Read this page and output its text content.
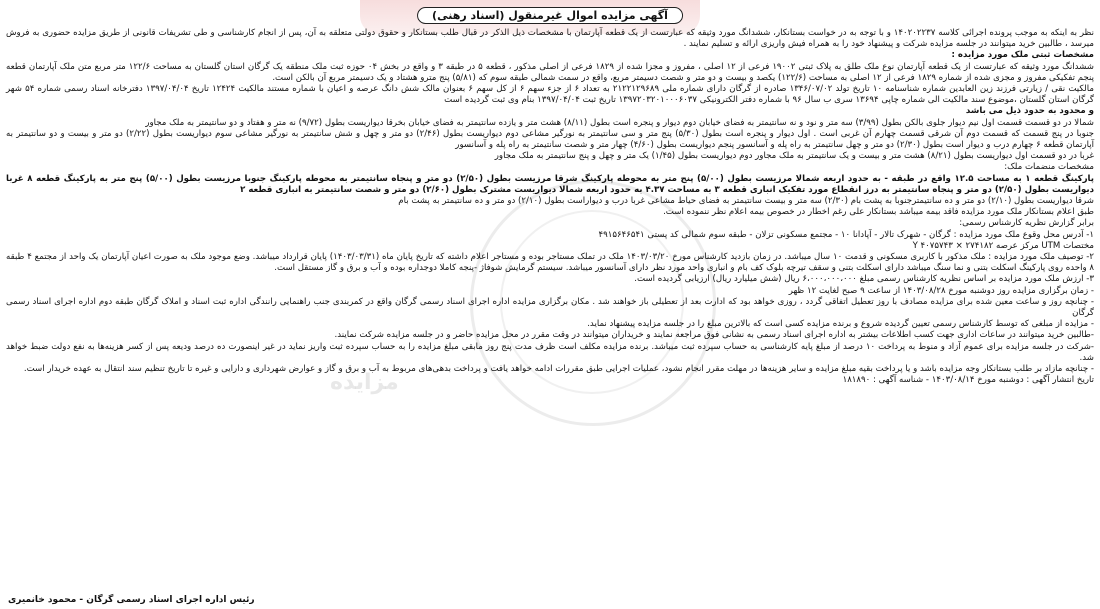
آگهی مزایده اموال غیرمنقول (اسناد رهنی)
مزایده

نظر به اینکه به موجب پرونده اجرائی کلاسه ۱۴۰۲۰۲۲۳۷ و با توجه به در خواست بستانکار، ششدانگ مورد وثیقه که عبارتست از یک قطعه آپارتمان با مشخصات ذیل الذکر در قبال طلب بستانکار و حقوق دولتی متعلقه به آن، پس از انجام کارشناسی و طی تشریفات قانونی از طریق مزایده حضوری به فروش میرسد ، طالبین خرید میتوانند در جلسه مزایده شرکت و پیشنهاد خود را به همراه فیش واریزی ارائه و تسلیم نمایند .

مشخصات ثبتی ملک مورد مزایده :

ششدانگ مورد وثیقه که عبارتست از یک قطعه آپارتمان نوع ملک طلق به پلاک ثبتی ۱۹۰۰۲ فرعی از ۱۲ اصلی ، مفروز و مجزا شده از ۱۸۲۹ فرعی از اصلی مذکور ، قطعه ۵ در طبقه ۳ و واقع در بخش ۰۴ حوزه ثبت ملک منطقه یک گرگان استان گلستان به مساحت ۱۲۲/۶ متر مربع متن ملک آپارتمان قطعه پنجم تفکیکی مفروز و مجزی شده از شماره ۱۸۲۹ فرعی از ۱۲ اصلی به مساحت (۱۲۲/۶) یکصد و بیست و دو متر و شصت دسیمتر مربع، واقع در سمت شمالی طبقه سوم که (۵/۸۱) پنج مترو هشتاد و یک دسیمتر مربع آن بالکن است.

مالکیت نقی / زیارتی فرزند زین العابدین شماره شناسنامه ۱۰ تاریخ تولد ۱۳۴۶/۰۷/۰۲ صادره از گرگان دارای شماره ملی ۲۱۲۲۱۲۹۶۸۹ به تعداد ۶ از جزء سهم ۶ از کل سهم ۶ بعنوان مالک شش دانگ عرصه و اعیان با شماره مستند مالکیت ۱۲۴۲۴ تاریخ ۱۳۹۷/۰۴/۰۴ دفترخانه اسناد رسمی شماره ۵۴ شهر گرگان استان گلستان ،موضوع سند مالکیت الی شماره چاپی ۱۳۶۹۴ سری ب سال ۹۶ با شماره دفتر الکترونیکی ۱۳۹۷۲۰۳۲۰۱۰۰۰۶۰۳۷ تاریخ ثبت ۱۳۹۷/۰۴/۰۴ بنام وی ثبت گردیده است

و محدود به حدود ذیل می باشد

شمالا در دو قسمت قسمت اول نیم دیوار جلوی بالکن بطول (۳/۹۹) سه متر و نود و نه سانتیمتر به فضای خیابان دوم دیوار و پنجره است بطول (۸/۱۱) هشت متر و یازده سانتیمتر به فضای خیابان بخرقا دیواریست بطول (۹/۷۲) نه متر و هفتاد و دو سانتیمتر به ملک مجاور

جنوبا در پنج قسمت که قسمت دوم آن شرقی قسمت چهارم آن غربی است . اول دیوار و پنجره است بطول (۵/۳۰) پنج متر و سی سانتیمتر به نورگیر مشاعی دوم دیواریست بطول (۲/۴۶) دو متر و چهل و شش سانتیمتر به نورگیر مشاعی سوم دیواریست بطول (۲/۲۲) دو متر و بیست و دو سانتیمتر به آپارتمان قطعه ۶ چهارم درب و دیوار است بطول (۲/۳۰) دو متر و چهل سانتیمتر به راه پله و آسانسور پنجم دیواریست بطول (۴/۶۰) چهار متر و شصت سانتیمتر به راه پله و آسانسور

غربا در دو قسمت اول دیواریست بطول (۸/۲۱) هشت متر و بیست و یک سانتیمتر به ملک مجاور دوم دیواریست بطول (۱/۴۵) یک متر و چهل و پنج سانتیمتر به ملک مجاور

مشخصات منضمات ملک:

پارکینگ قطعه ۱ به مساحت ۱۲.۵ واقع در طبقه - به حدود اربعه شمالا مرزیست بطول (۵/۰۰) پنج متر به محوطه پارکینگ شرقا مرزیست بطول (۲/۵۰) دو متر و پنجاه سانتیمتر به محوطه پارکینگ جنوبا مرزیست بطول (۵/۰۰) پنج متر به پارکینگ قطعه ۸ غربا دیواریست بطول (۲/۵۰) دو متر و پنجاه سانتیمتر به درز انقطاع مورد تفکیک انباری قطعه ۳ به مساحت ۴.۳۷ به حدود اربعه شمالا دیواریست مشترک بطول (۲/۶۰) دو متر و شصت سانتیمتر به انباری قطعه ۲

شرقا دیواریست بطول (۲/۱۰) دو متر و ده سانتیمترجنوبا به پشت بام (۲/۳۰) سه متر و بیست سانتیمتر به فضای حیاط مشاعی غربا درب و دیواراست بطول (۲/۱۰) دو متر و ده سانتیمتر به پشت بام

طبق اعلام بستانکار ملک مورد مزایده فاقد بیمه میباشد بستانکار علی رغم اخطار در خصوص بیمه اعلام نظر ننموده است.

برابر گزارش نظریه کارشناس رسمی:

۱- آدرس محل وقوع ملک مورد مزایده : گرگان - شهرک تالار - آپادانا ۱۰ - مجتمع مسکونی تزلان - طبقه سوم شمالی کد پستی ۴۹۱۵۶۴۶۵۴۱

مختصات UTM مرکز عرصه ۲۷۴۱۸۲ × ۴۰۷۵۷۴۳ Y

۲- توصیف ملک مورد مزایده : ملک مذکور با کاربری مسکونی و قدمت ۱۰ سال میباشد. در زمان بازدید کارشناس مورخ ۱۴۰۳/۰۳/۲۰ ملک در تملک مستاجر بوده و مستاجر اعلام داشته که تاریخ پایان ماه (۱۴۰۳/۰۳/۳۱) پایان قرارداد میباشد. وضع موجود ملک به صورت اعیان آپارتمان یک واحد از مجتمع ۴ طبقه ۸ واحده روی پارکینگ اسکلت بتنی و نما سنگ میباشد دارای اسکلت بتنی و سقف تیرچه بلوک کف بام و انباری واحد مورد نظر دارای آسانسور میباشد. سیستم گرمایش شوفاژ -پنجه کاملا دوجداره بوده و آب و برق و گاز مستقل است.

۳- ارزش ملک مورد مزایده بر اساس نظریه کارشناس رسمی مبلغ ۶،۰۰۰،۰۰۰،۰۰۰ ریال (شش میلیارد ریال) ارزیابی گردیده است.

- زمان برگزاری مزایده روز دوشنبه مورخ ۱۴۰۳/۰۸/۲۸ از ساعت ۹ صبح لغایت ۱۲ ظهر

- چنانچه روز و ساعت معین شده برای مزایده مصادف با روز تعطیل اتفاقی گردد ، روزی خواهد بود که ادارت بعد از تعطیلی باز خواهند شد . مکان برگزاری مزایده اداره اجرای اسناد رسمی گرگان واقع در کمربندی جنب راهنمایی رانندگی اداره ثبت اسناد و املاک گرگان طبقه دوم اداره اجرای اسناد رسمی گرگان

- مزایده از مبلغی که توسط کارشناس رسمی تعیین گردیده شروع و برنده مزایده کسی است که بالاترین مبلغ را در جلسه مزایده پیشنهاد نماید.

-طالبین خرید میتوانند در ساعات اداری جهت کسب اطلاعات بیشتر به اداره اجرای اسناد رسمی به نشانی فوق مراجعه نمایند و خریداران میتوانند در وقت مقرر در محل مزایده حاضر و در جلسه مزایده شرکت نمایند.

-شرکت در جلسه مزایده برای عموم آزاد و منوط به پرداخت ۱۰ درصد از مبلغ پایه کارشناسی به حساب سپرده ثبت میباشد. برنده مزایده مکلف است ظرف مدت پنج روز مابقی مبلغ مزایده را به حساب سپرده ثبت واریز نماید در غیر اینصورت ده درصد ودیعه پس از کسر هزینه‌ها به نفع دولت ضبط خواهد شد.

- چنانچه مازاد بر طلب بستانکار وجه مزایده باشد و یا پرداخت بقیه مبلغ مزایده و سایر هزینه‌ها در مهلت مقرر انجام نشود، عملیات اجرایی طبق مقررات ادامه خواهد یافت و پرداخت بدهی‌های مربوط به آب و برق و گاز و عوارض شهرداری و دارایی و غیره تا تاریخ تنظیم سند انتقال به عهده خریدار است.

تاریخ انتشار آگهی : دوشنبه مورخ ۱۴۰۳/۰۸/۱۴ - شناسه آگهی : ۱۸۱۸۹۰

رئیس اداره اجرای اسناد رسمی گرگان - محمود خانمیری
